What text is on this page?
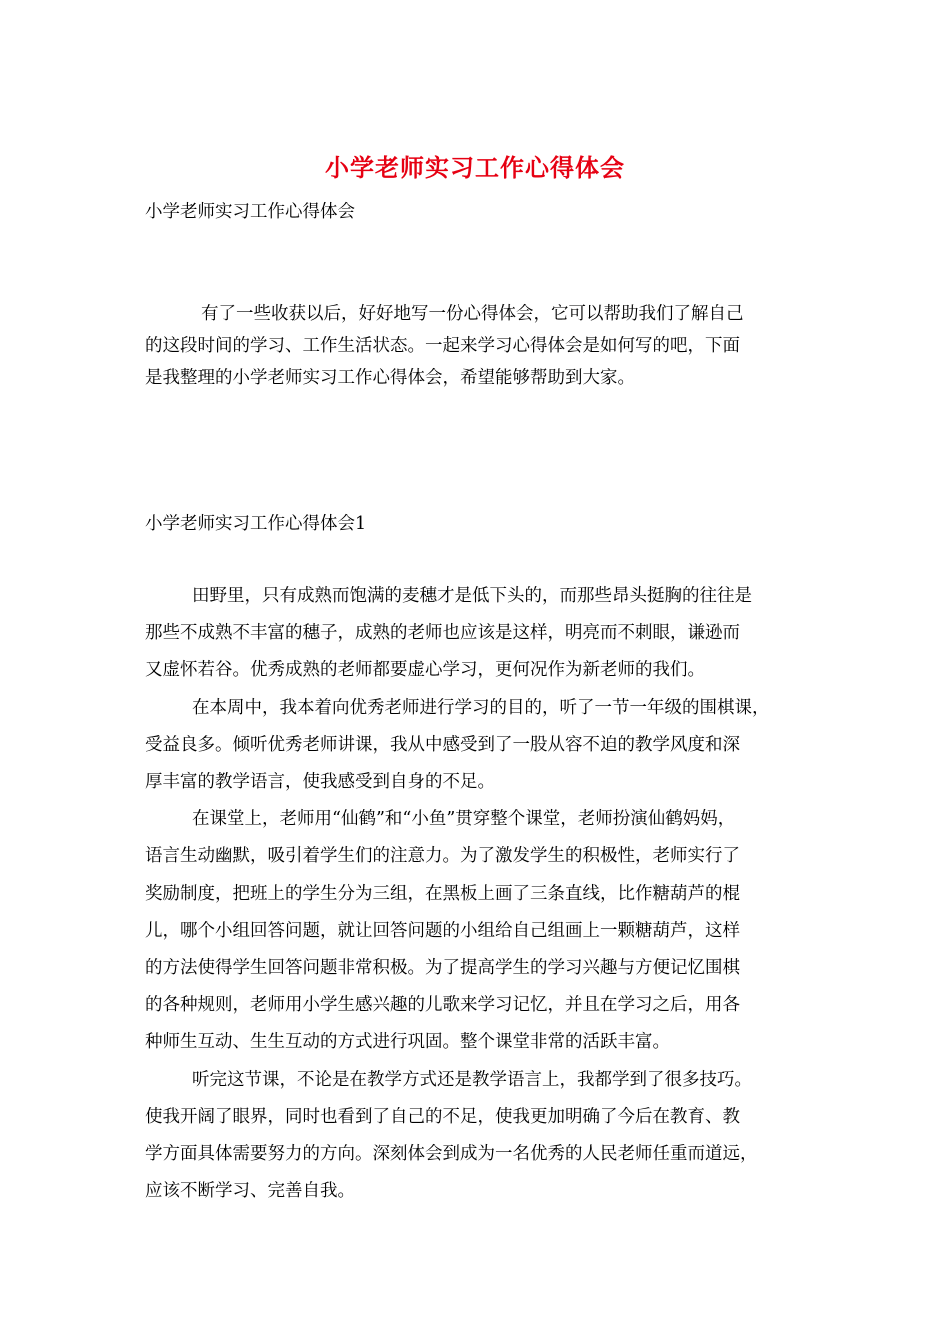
小学老师实习工作心得体会
小学老师实习工作心得体会
有了一些收获以后，好好地写一份心得体会，它可以帮助我们了解自己
的这段时间的学习、工作生活状态。一起来学习心得体会是如何写的吧，下面
是我整理的小学老师实习工作心得体会，希望能够帮助到大家。
小学老师实习工作心得体会1
田野里，只有成熟而饱满的麦穗才是低下头的，而那些昂头挺胸的往往是
那些不成熟不丰富的穗子，成熟的老师也应该是这样，明亮而不刺眼，谦逊而
又虚怀若谷。优秀成熟的老师都要虚心学习，更何况作为新老师的我们。
在本周中，我本着向优秀老师进行学习的目的，听了一节一年级的围棋课，
受益良多。倾听优秀老师讲课，我从中感受到了一股从容不迫的教学风度和深
厚丰富的教学语言，使我感受到自身的不足。
在课堂上，老师用“仙鹤”和“小鱼”贯穿整个课堂，老师扮演仙鹤妈妈，
语言生动幽默，吸引着学生们的注意力。为了激发学生的积极性，老师实行了
奖励制度，把班上的学生分为三组，在黑板上画了三条直线，比作糖葫芦的棍
儿，哪个小组回答问题，就让回答问题的小组给自己组画上一颗糖葫芦，这样
的方法使得学生回答问题非常积极。为了提高学生的学习兴趣与方便记忆围棋
的各种规则，老师用小学生感兴趣的儿歌来学习记忆，并且在学习之后，用各
种师生互动、生生互动的方式进行巩固。整个课堂非常的活跃丰富。
听完这节课，不论是在教学方式还是教学语言上，我都学到了很多技巧。
使我开阔了眼界，同时也看到了自己的不足，使我更加明确了今后在教育、教
学方面具体需要努力的方向。深刻体会到成为一名优秀的人民老师任重而道远，
应该不断学习、完善自我。
